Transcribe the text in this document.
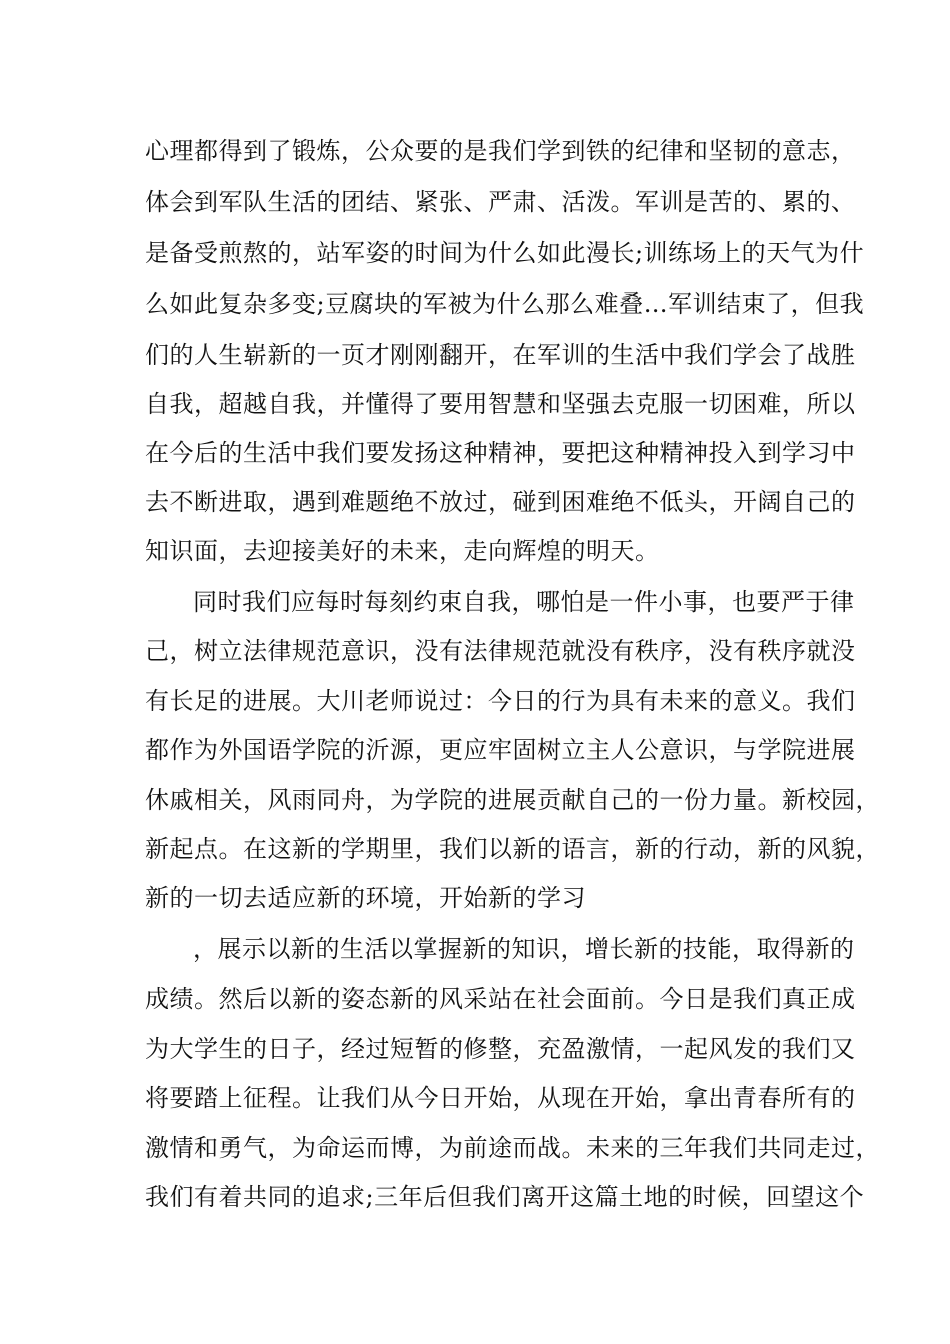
心理都得到了锻炼，公众要的是我们学到铁的纪律和坚韧的意志，
体会到军队生活的团结、紧张、严肃、活泼。军训是苦的、累的、
是备受煎熬的，站军姿的时间为什么如此漫长;训练场上的天气为什
么如此复杂多变;豆腐块的军被为什么那么难叠…军训结束了，但我
们的人生崭新的一页才刚刚翻开，在军训的生活中我们学会了战胜
自我，超越自我，并懂得了要用智慧和坚强去克服一切困难，所以
在今后的生活中我们要发扬这种精神，要把这种精神投入到学习中
去不断进取，遇到难题绝不放过，碰到困难绝不低头，开阔自己的
知识面，去迎接美好的未来，走向辉煌的明天。
同时我们应每时每刻约束自我，哪怕是一件小事，也要严于律
己，树立法律规范意识，没有法律规范就没有秩序，没有秩序就没
有长足的进展。大川老师说过：今日的行为具有未来的意义。我们
都作为外国语学院的沂源，更应牢固树立主人公意识，与学院进展
休戚相关，风雨同舟，为学院的进展贡献自己的一份力量。新校园，
新起点。在这新的学期里，我们以新的语言，新的行动，新的风貌，
新的一切去适应新的环境，开始新的学习
，展示以新的生活以掌握新的知识，增长新的技能，取得新的
成绩。然后以新的姿态新的风采站在社会面前。今日是我们真正成
为大学生的日子，经过短暂的修整，充盈激情，一起风发的我们又
将要踏上征程。让我们从今日开始，从现在开始，拿出青春所有的
激情和勇气，为命运而博，为前途而战。未来的三年我们共同走过，
我们有着共同的追求;三年后但我们离开这篇土地的时候，回望这个
